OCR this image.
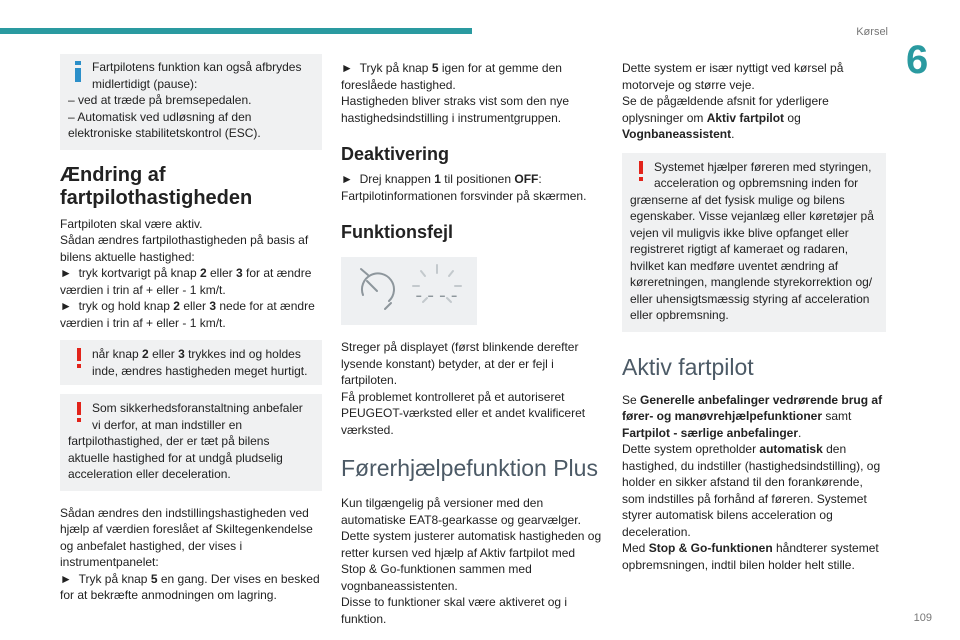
Kørsel
6
109

Fartpilotens funktion kan også afbrydes midlertidigt (pause):

– ved at træde på bremsepedalen.

– Automatisk ved udløsning af den elektroniske stabilitetskontrol (ESC).

Ændring af fartpilothastigheden

Fartpiloten skal være aktiv.

Sådan ændres fartpilothastigheden på basis af bilens aktuelle hastighed:

► tryk kortvarigt på knap 2 eller 3 for at ændre værdien i trin af + eller - 1 km/t.

► tryk og hold knap 2 eller 3 nede for at ændre værdien i trin af + eller - 1 km/t.

når knap 2 eller 3 trykkes ind og holdes inde, ændres hastigheden meget hurtigt.

Som sikkerhedsforanstaltning anbefaler vi derfor, at man indstiller en fartpilothastighed, der er tæt på bilens aktuelle hastighed for at undgå pludselig acceleration eller deceleration.

Sådan ændres den indstillingshastigheden ved hjælp af værdien foreslået af Skiltegenkendelse og anbefalet hastighed, der vises i instrumentpanelet:

► Tryk på knap 5 en gang. Der vises en besked for at bekræfte anmodningen om lagring.

► Tryk på knap 5 igen for at gemme den foreslåede hastighed.

Hastigheden bliver straks vist som den nye hastighedsindstilling i instrumentgruppen.

Deaktivering

► Drej knappen 1 til positionen OFF:

Fartpilotinformationen forsvinder på skærmen.

Funktionsfejl
----

Streger på displayet (først blinkende derefter lysende konstant) betyder, at der er fejl i fartpiloten.

Få problemet kontrolleret på et autoriseret PEUGEOT-værksted eller et andet kvalificeret værksted.

Førerhjælpefunktion Plus

Kun tilgængelig på versioner med den automatiske EAT8-gearkasse og gearvælger.

Dette system justerer automatisk hastigheden og retter kursen ved hjælp af Aktiv fartpilot med Stop & Go-funktionen sammen med vognbaneassistenten.

Disse to funktioner skal være aktiveret og i funktion.

Dette system er især nyttigt ved kørsel på motorveje og større veje.

Se de pågældende afsnit for yderligere oplysninger om Aktiv fartpilot og Vognbaneassistent.

Systemet hjælper føreren med styringen, acceleration og opbremsning inden for grænserne af det fysisk mulige og bilens egenskaber. Visse vejanlæg eller køretøjer på vejen vil muligvis ikke blive opfanget eller registreret rigtigt af kameraet og radaren, hvilket kan medføre uventet ændring af køreretningen, manglende styrekorrektion og/ eller uhensigtsmæssig styring af acceleration eller opbremsning.

Aktiv fartpilot

Se Generelle anbefalinger vedrørende brug af fører- og manøvrehjælpefunktioner samt Fartpilot - særlige anbefalinger.

Dette system opretholder automatisk den hastighed, du indstiller (hastighedsindstilling), og holder en sikker afstand til den forankørende, som indstilles på forhånd af føreren. Systemet styrer automatisk bilens acceleration og deceleration.

Med Stop & Go-funktionen håndterer systemet opbremsningen, indtil bilen holder helt stille.
